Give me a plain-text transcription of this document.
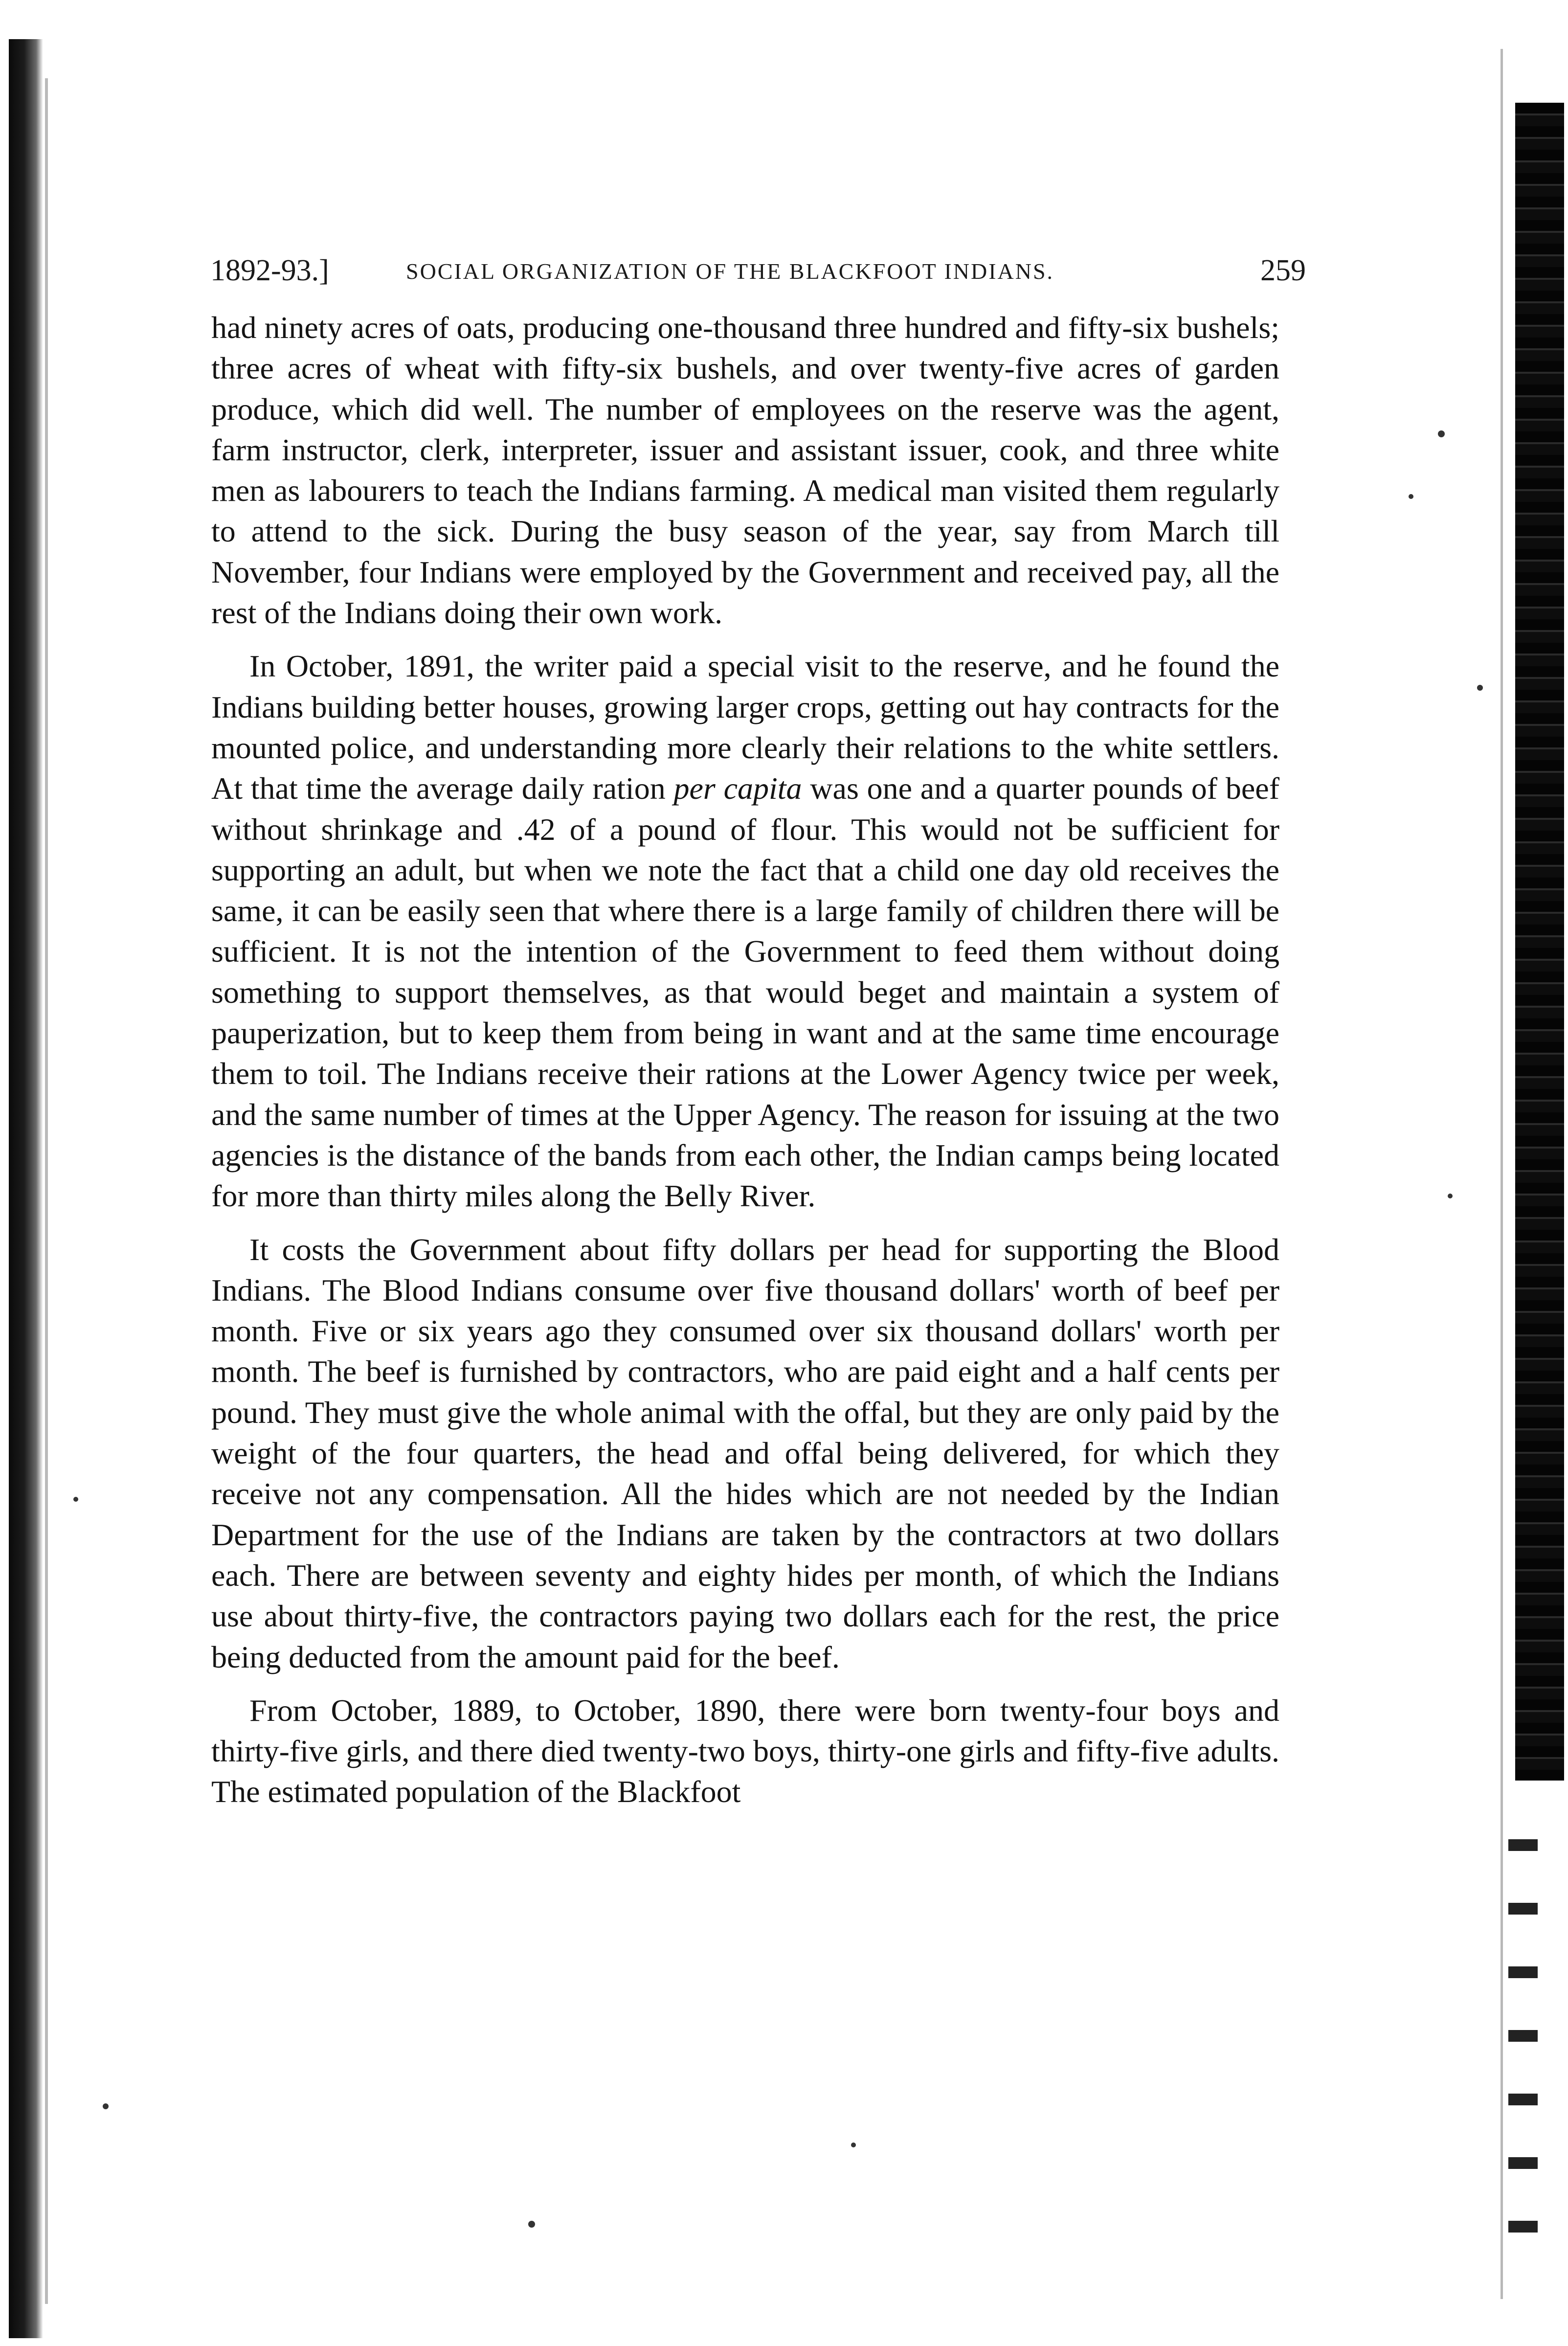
1892-93.]	SOCIAL ORGANIZATION OF THE BLACKFOOT INDIANS.	259

had ninety acres of oats, producing one-thousand three hundred and fifty-six bushels; three acres of wheat with fifty-six bushels, and over twenty-five acres of garden produce, which did well. The number of employees on the reserve was the agent, farm instructor, clerk, interpreter, issuer and assistant issuer, cook, and three white men as labourers to teach the Indians farming. A medical man visited them regularly to attend to the sick. During the busy season of the year, say from March till November, four Indians were employed by the Government and received pay, all the rest of the Indians doing their own work.

In October, 1891, the writer paid a special visit to the reserve, and he found the Indians building better houses, growing larger crops, getting out hay contracts for the mounted police, and understanding more clearly their relations to the white settlers. At that time the average daily ration per capita was one and a quarter pounds of beef without shrinkage and .42 of a pound of flour. This would not be sufficient for supporting an adult, but when we note the fact that a child one day old receives the same, it can be easily seen that where there is a large family of children there will be sufficient. It is not the intention of the Government to feed them without doing something to support themselves, as that would beget and maintain a system of pauperization, but to keep them from being in want and at the same time encourage them to toil. The Indians receive their rations at the Lower Agency twice per week, and the same number of times at the Upper Agency. The reason for issuing at the two agencies is the distance of the bands from each other, the Indian camps being located for more than thirty miles along the Belly River.

It costs the Government about fifty dollars per head for supporting the Blood Indians. The Blood Indians consume over five thousand dollars' worth of beef per month. Five or six years ago they consumed over six thousand dollars' worth per month. The beef is furnished by contractors, who are paid eight and a half cents per pound. They must give the whole animal with the offal, but they are only paid by the weight of the four quarters, the head and offal being delivered, for which they receive not any compensation. All the hides which are not needed by the Indian Department for the use of the Indians are taken by the contractors at two dollars each. There are between seventy and eighty hides per month, of which the Indians use about thirty-five, the contractors paying two dollars each for the rest, the price being deducted from the amount paid for the beef.

From October, 1889, to October, 1890, there were born twenty-four boys and thirty-five girls, and there died twenty-two boys, thirty-one girls and fifty-five adults. The estimated population of the Blackfoot
